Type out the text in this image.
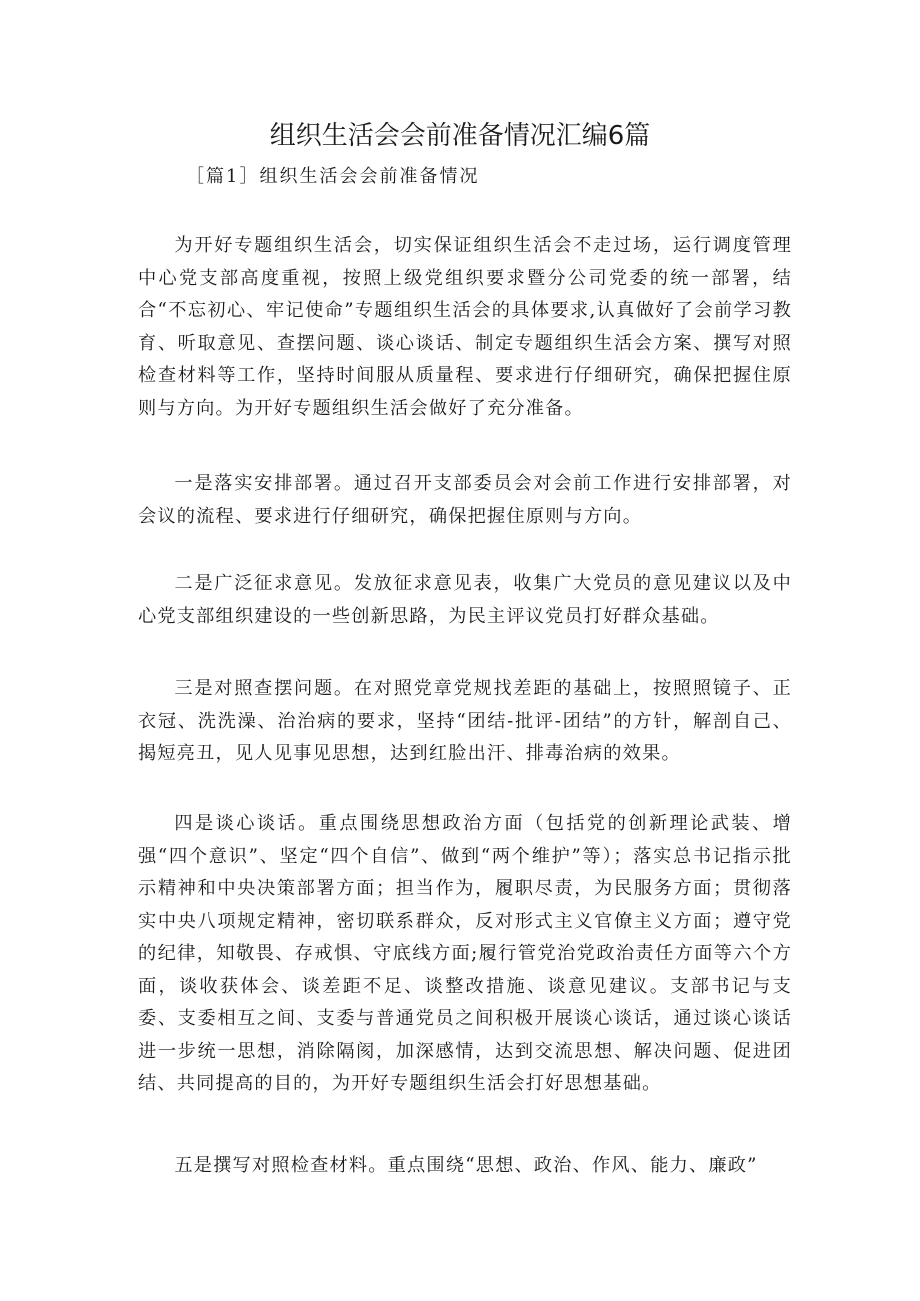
组织生活会会前准备情况汇编6篇

［篇1］组织生活会会前准备情况

为开好专题组织生活会，切实保证组织生活会不走过场，运行调度管理中心党支部高度重视，按照上级党组织要求暨分公司党委的统一部署，结合“不忘初心、牢记使命”专题组织生活会的具体要求,认真做好了会前学习教育、听取意见、查摆问题、谈心谈话、制定专题组织生活会方案、撰写对照检查材料等工作，坚持时间服从质量程、要求进行仔细研究，确保把握住原则与方向。为开好专题组织生活会做好了充分准备。

一是落实安排部署。通过召开支部委员会对会前工作进行安排部署，对会议的流程、要求进行仔细研究，确保把握住原则与方向。

二是广泛征求意见。发放征求意见表，收集广大党员的意见建议以及中心党支部组织建设的一些创新思路，为民主评议党员打好群众基础。

三是对照查摆问题。在对照党章党规找差距的基础上，按照照镜子、正衣冠、洗洗澡、治治病的要求，坚持“团结-批评-团结”的方针，解剖自己、揭短亮丑，见人见事见思想，达到红脸出汗、排毒治病的效果。

四是谈心谈话。重点围绕思想政治方面（包括党的创新理论武装、增强“四个意识”、坚定“四个自信”、做到“两个维护”等）；落实总书记指示批示精神和中央决策部署方面；担当作为，履职尽责，为民服务方面；贯彻落实中央八项规定精神，密切联系群众，反对形式主义官僚主义方面；遵守党的纪律，知敬畏、存戒惧、守底线方面;履行管党治党政治责任方面等六个方面，谈收获体会、谈差距不足、谈整改措施、谈意见建议。支部书记与支委、支委相互之间、支委与普通党员之间积极开展谈心谈话，通过谈心谈话进一步统一思想，消除隔阂，加深感情，达到交流思想、解决问题、促进团结、共同提高的目的，为开好专题组织生活会打好思想基础。

五是撰写对照检查材料。重点围绕“思想、政治、作风、能力、廉政”
